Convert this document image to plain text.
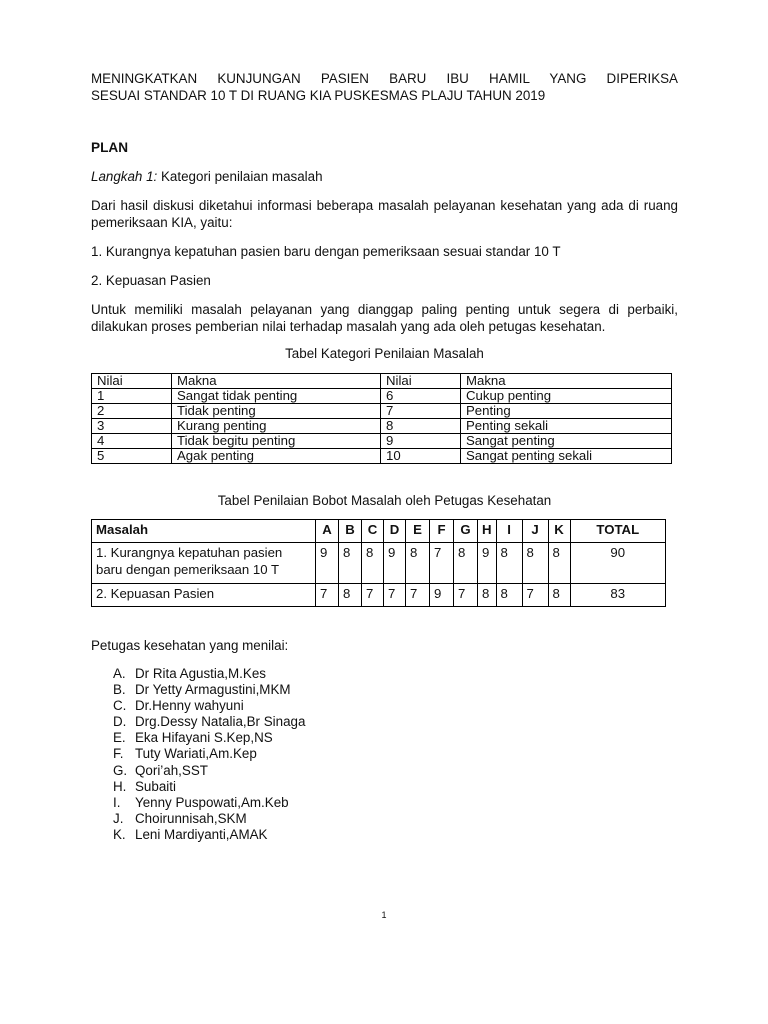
MENINGKATKAN KUNJUNGAN PASIEN BARU IBU HAMIL YANG DIPERIKSA
SESUAI STANDAR 10 T DI RUANG KIA PUSKESMAS PLAJU TAHUN 2019

PLAN

Langkah 1: Kategori penilaian masalah

Dari hasil diskusi diketahui informasi beberapa masalah pelayanan kesehatan yang ada di ruang pemeriksaan KIA, yaitu:

1. Kurangnya kepatuhan pasien baru dengan pemeriksaan sesuai standar 10 T

2. Kepuasan Pasien

Untuk memiliki masalah pelayanan yang dianggap paling penting untuk segera di perbaiki, dilakukan proses pemberian nilai terhadap masalah yang ada oleh petugas kesehatan.

Tabel Kategori Penilaian Masalah
Nilai	Makna	Nilai	Makna
1	Sangat tidak penting	6	Cukup penting
2	Tidak penting	7	Penting
3	Kurang penting	8	Penting sekali
4	Tidak begitu penting	9	Sangat penting
5	Agak penting	10	Sangat penting sekali
Tabel Penilaian Bobot Masalah oleh Petugas Kesehatan
Masalah	A	B	C	D	E	F	G	H	I	J	K	TOTAL
1. Kurangnya kepatuhan pasien baru dengan pemeriksaan 10 T	9	8	8	9	8	7	8	9	8	8	8	90
2. Kepuasan Pasien	7	8	7	7	7	9	7	8	8	7	8	83
Petugas kesehatan yang menilai:
A. Dr Rita Agustia,M.Kes
B. Dr Yetty Armagustini,MKM
C. Dr.Henny wahyuni
D. Drg.Dessy Natalia,Br Sinaga
E. Eka Hifayani S.Kep,NS
F. Tuty Wariati,Am.Kep
G. Qori’ah,SST
H. Subaiti
I.	Yenny Puspowati,Am.Keb
J. Choirunnisah,SKM
K. Leni Mardiyanti,AMAK
1
